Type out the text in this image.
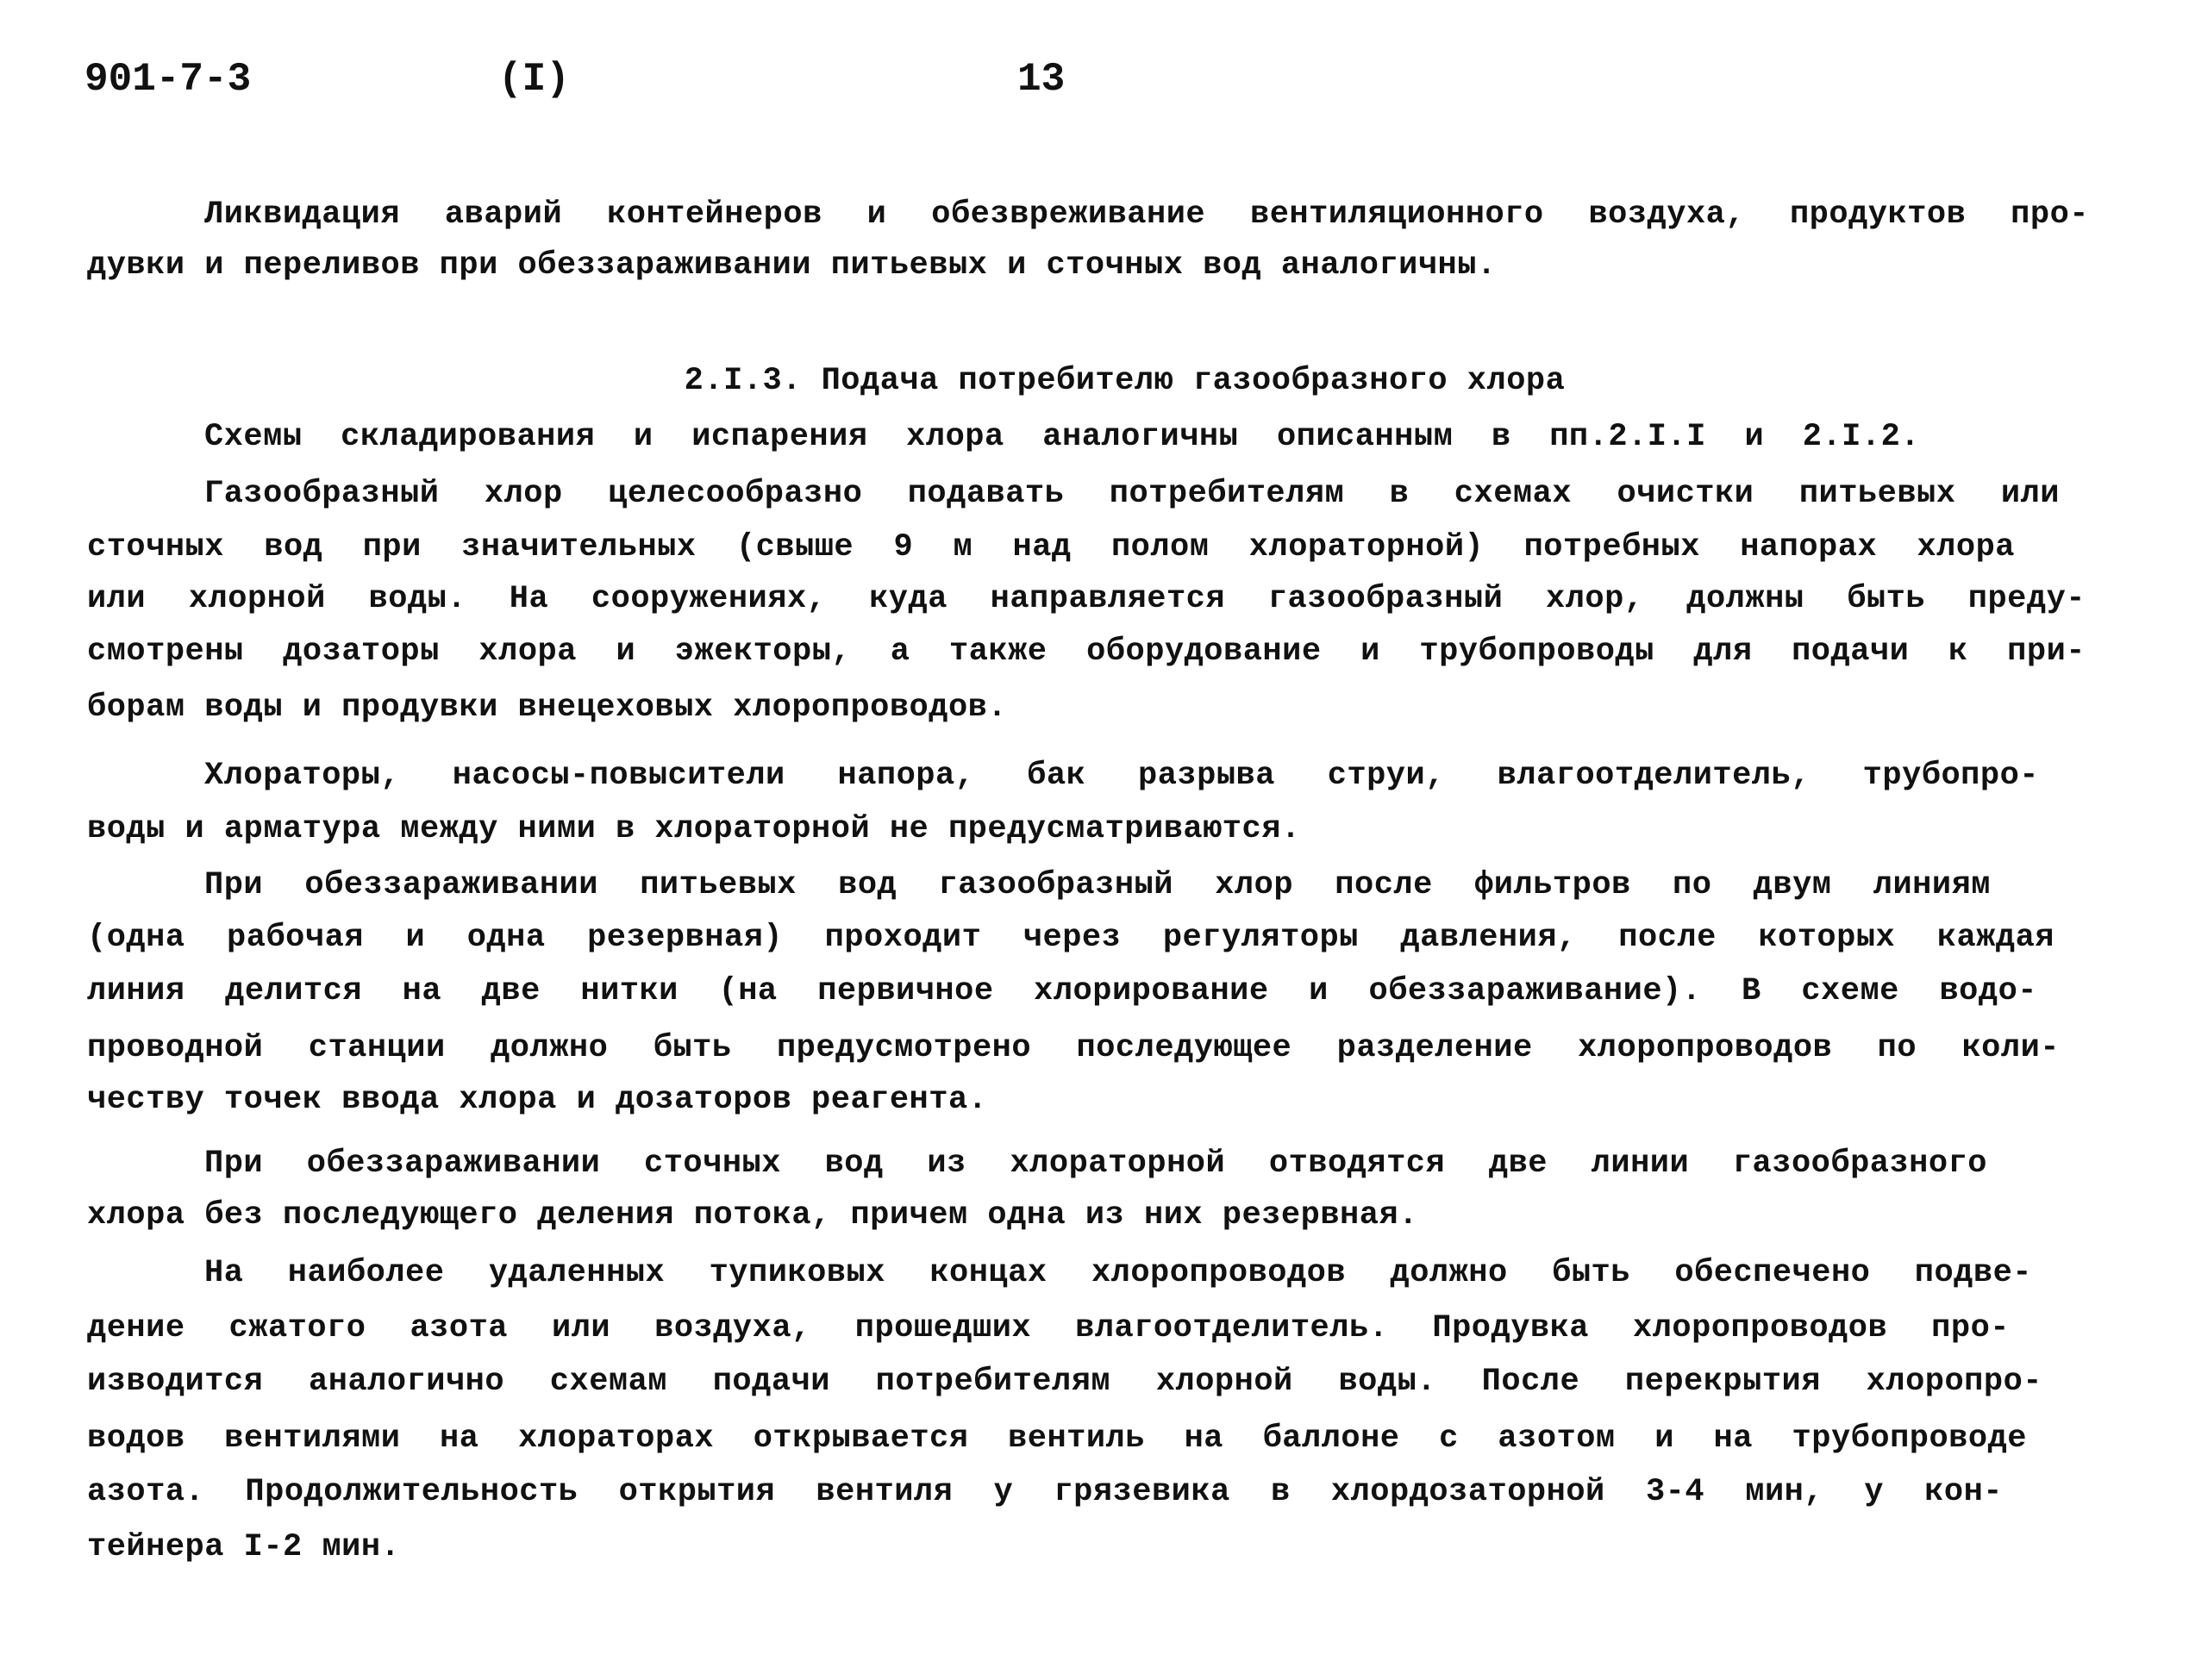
901-7-3	(I)	13
Ликвидация аварий контейнеров и обезвреживание вентиляционного воздуха, продуктов про-
дувки и переливов при обеззараживании питьевых и сточных вод аналогичны.
2.I.3. Подача потребителю газообразного хлора
Схемы складирования и испарения хлора аналогичны описанным в пп.2.I.I и 2.I.2.
Газообразный хлор целесообразно подавать потребителям в схемах очистки питьевых или
сточных вод при значительных (свыше 9 м над полом хлораторной) потребных напорах хлора
или хлорной воды. На сооружениях, куда направляется газообразный хлор, должны быть преду-
смотрены дозаторы хлора и эжекторы, а также оборудование и трубопроводы для подачи к при-
борам воды и продувки внецеховых хлоропроводов.
Хлораторы, насосы-повысители напора, бак разрыва струи, влагоотделитель, трубопро-
воды и арматура между ними в хлораторной не предусматриваются.
При обеззараживании питьевых вод газообразный хлор после фильтров по двум линиям
(одна рабочая и одна резервная) проходит через регуляторы давления, после которых каждая
линия делится на две нитки (на первичное хлорирование и обеззараживание). В схеме водо-
проводной станции должно быть предусмотрено последующее разделение хлоропроводов по коли-
честву точек ввода хлора и дозаторов реагента.
При обеззараживании сточных вод из хлораторной отводятся две линии газообразного
хлора без последующего деления потока, причем одна из них резервная.
На наиболее удаленных тупиковых концах хлоропроводов должно быть обеспечено подве-
дение сжатого азота или воздуха, прошедших влагоотделитель. Продувка хлоропроводов про-
изводится аналогично схемам подачи потребителям хлорной воды. После перекрытия хлоропро-
водов вентилями на хлораторах открывается вентиль на баллоне с азотом и на трубопроводе
азота. Продолжительность открытия вентиля у грязевика в хлордозаторной 3-4 мин, у кон-
тейнера I-2 мин.
